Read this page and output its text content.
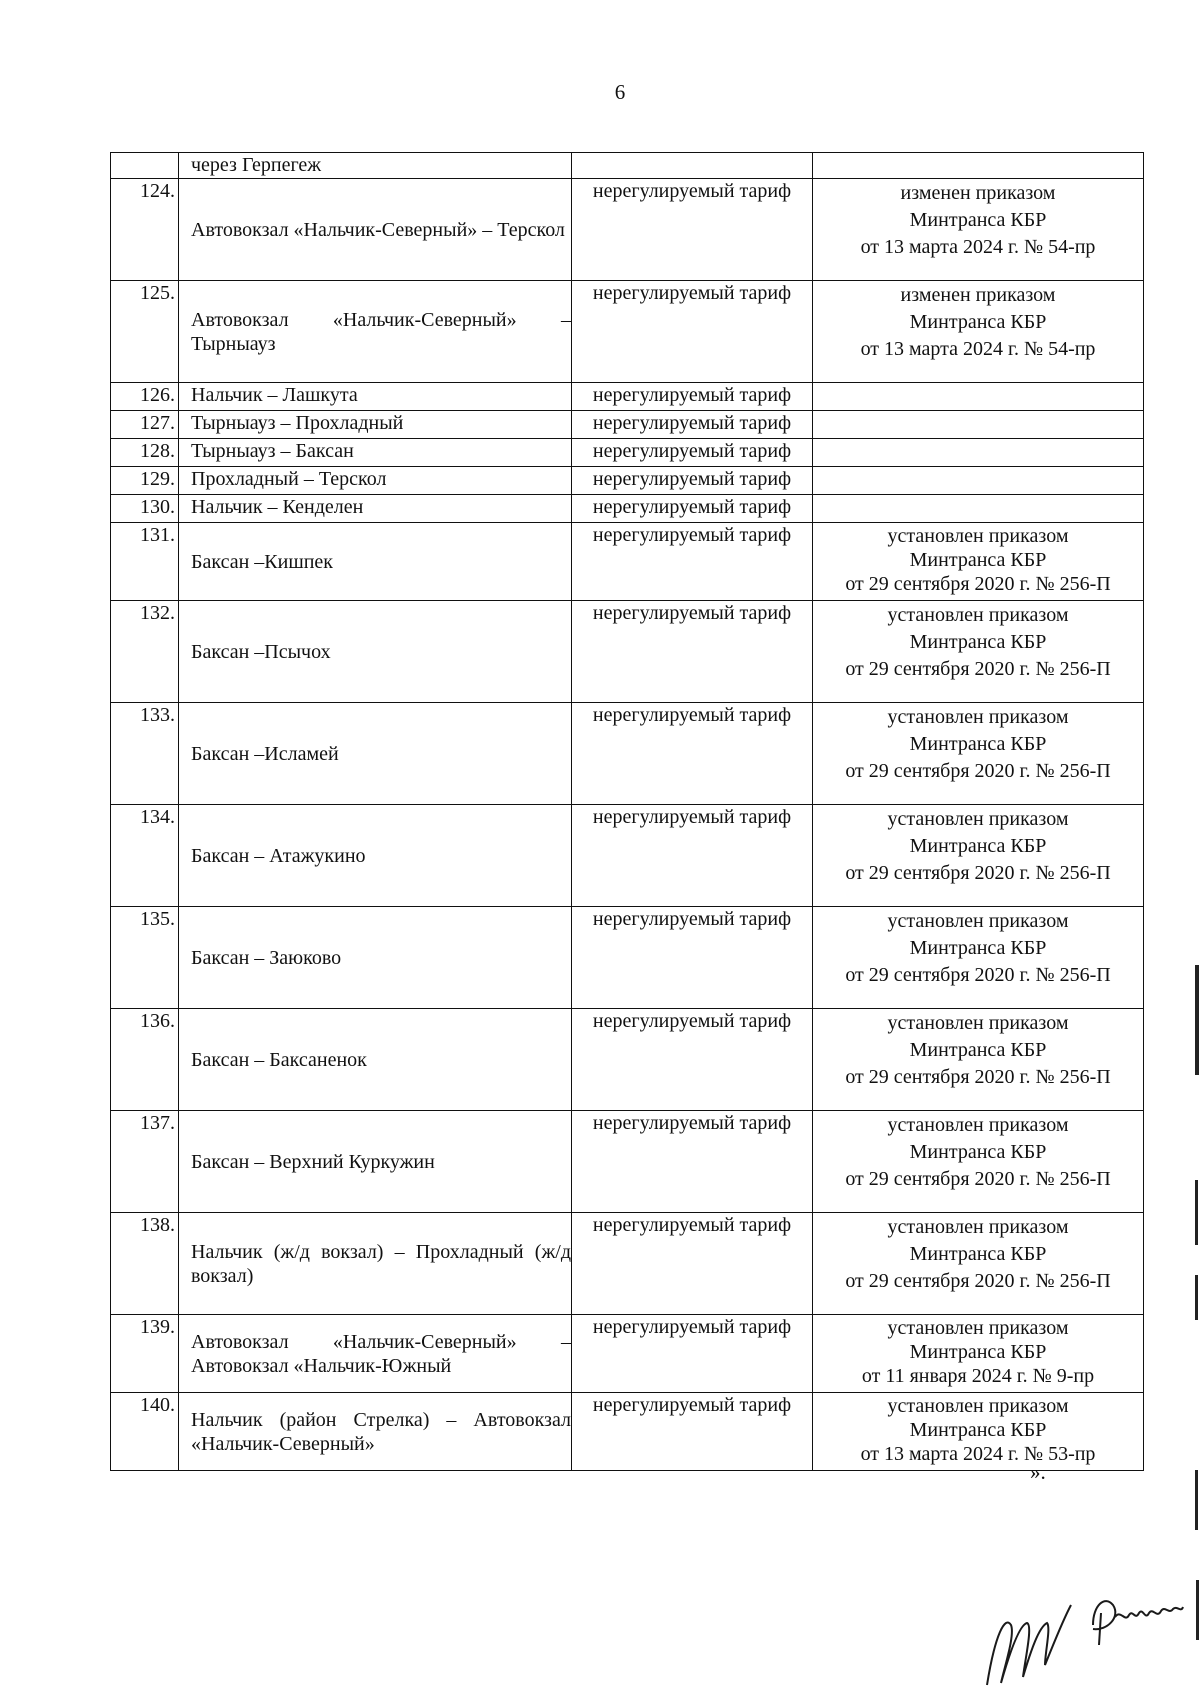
6

	через Герпегеж		

124.	Автовокзал «Нальчик-Северный» – Терскол	нерегулируемый тариф	изменен приказом
Минтранса КБР
от 13 марта 2024 г. № 54-пр

125.	Автовокзал «Нальчик-Северный» – Тырныауз	нерегулируемый тариф	изменен приказом
Минтранса КБР
от 13 марта 2024 г. № 54-пр

126.	Нальчик – Лашкута	нерегулируемый тариф	

127.	Тырныауз – Прохладный	нерегулируемый тариф	

128.	Тырныауз – Баксан	нерегулируемый тариф	

129.	Прохладный – Терскол	нерегулируемый тариф	

130.	Нальчик – Кенделен	нерегулируемый тариф	

131.	Баксан –Кишпек	нерегулируемый тариф	установлен приказом
Минтранса КБР
от 29 сентября 2020 г. № 256-П

132.	Баксан –Псычох	нерегулируемый тариф	установлен приказом
Минтранса КБР
от 29 сентября 2020 г. № 256-П

133.	Баксан –Исламей	нерегулируемый тариф	установлен приказом
Минтранса КБР
от 29 сентября 2020 г. № 256-П

134.	Баксан – Атажукино	нерегулируемый тариф	установлен приказом
Минтранса КБР
от 29 сентября 2020 г. № 256-П

135.	Баксан – Заюково	нерегулируемый тариф	установлен приказом
Минтранса КБР
от 29 сентября 2020 г. № 256-П

136.	Баксан – Баксаненок	нерегулируемый тариф	установлен приказом
Минтранса КБР
от 29 сентября 2020 г. № 256-П

137.	Баксан – Верхний Куркужин	нерегулируемый тариф	установлен приказом
Минтранса КБР
от 29 сентября 2020 г. № 256-П

138.	Нальчик (ж/д вокзал) – Прохладный (ж/д вокзал)	нерегулируемый тариф	установлен приказом
Минтранса КБР
от 29 сентября 2020 г. № 256-П

139.	Автовокзал «Нальчик-Северный» – Автовокзал «Нальчик-Южный	нерегулируемый тариф	установлен приказом
Минтранса КБР
от 11 января 2024 г. № 9-пр

140.	Нальчик (район Стрелка) – Автовокзал «Нальчик-Северный»	нерегулируемый тариф	установлен приказом
Минтранса КБР
от 13 марта 2024 г. № 53-пр
».
